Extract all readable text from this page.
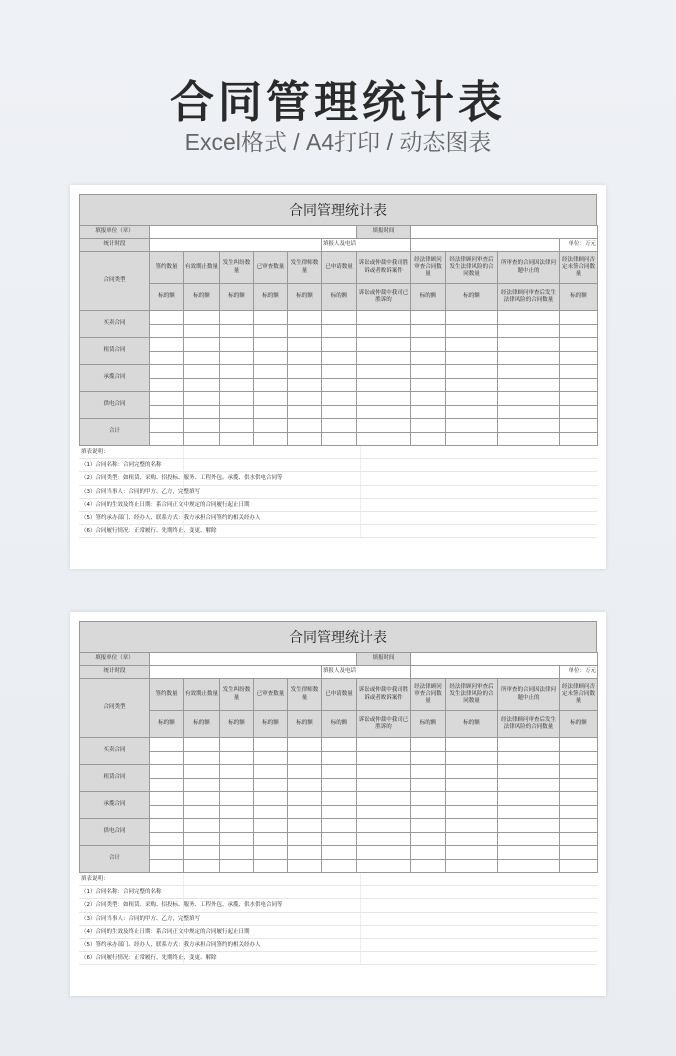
合同管理统计表
Excel格式 / A4打印 / 动态图表
合同管理统计表
填报单位（章）							填报时间				
统计时段						填报人及电话					单位：万元
合同类型	签约数量	有效期止数量	发生纠纷数量	已审查数量	发生律师数量	已申请数量	诉讼或仲裁中我司胜诉或者败诉案件	经法律顾问审查合同数量	经法律顾问审查后发生法律风险的合同数量	所审查的合同因法律问题中止的	经法律顾问否定未签合同数量
	标的额	标的额	标的额	标的额	标的额	标的额	诉讼或仲裁中我司已胜诉的	标的额	标的额	经法律顾问审查后发生法律风险的合同数量	标的额
买卖合同											

租赁合同											

承揽合同											

供电合同											

合计											

填表说明：
（1）合同名称：合同完整的名称
（2）合同类型：如租赁、采购、招投标、服务、工程外包、承揽、供水供电合同等
（3）合同当事人：合同的甲方、乙方，完整填写
（4）合同的生效及终止日期：系合同正文中规定的合同履行起止日期
（5）签约承办部门、经办人、联系方式：我方承担合同签约的相关经办人
（6）合同履行情况：正常履行、先期终止、变更、解除
合同管理统计表
填报单位（章）							填报时间				
统计时段						填报人及电话					单位：万元
合同类型	签约数量	有效期止数量	发生纠纷数量	已审查数量	发生律师数量	已申请数量	诉讼或仲裁中我司胜诉或者败诉案件	经法律顾问审查合同数量	经法律顾问审查后发生法律风险的合同数量	所审查的合同因法律问题中止的	经法律顾问否定未签合同数量
	标的额	标的额	标的额	标的额	标的额	标的额	诉讼或仲裁中我司已胜诉的	标的额	标的额	经法律顾问审查后发生法律风险的合同数量	标的额
买卖合同											

租赁合同											

承揽合同											

供电合同											

合计											

填表说明：
（1）合同名称：合同完整的名称
（2）合同类型：如租赁、采购、招投标、服务、工程外包、承揽、供水供电合同等
（3）合同当事人：合同的甲方、乙方，完整填写
（4）合同的生效及终止日期：系合同正文中规定的合同履行起止日期
（5）签约承办部门、经办人、联系方式：我方承担合同签约的相关经办人
（6）合同履行情况：正常履行、先期终止、变更、解除
